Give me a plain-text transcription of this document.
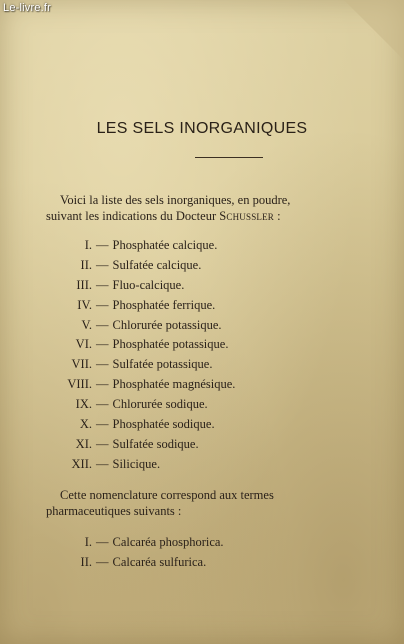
Le-livre.fr
LES SELS INORGANIQUES
Voici la liste des sels inorganiques, en poudre,
suivant les indications du Docteur Schussler :
I. — Phosphatée calcique.
II. — Sulfatée calcique.
III. — Fluo-calcique.
IV. — Phosphatée ferrique.
V. — Chlorurée potassique.
VI. — Phosphatée potassique.
VII. — Sulfatée potassique.
VIII. — Phosphatée magnésique.
IX. — Chlorurée sodique.
X. — Phosphatée sodique.
XI. — Sulfatée sodique.
XII. — Silicique.
Cette nomenclature correspond aux termes
pharmaceutiques suivants :
I. — Calcaréa phosphorica.
II. — Calcaréa sulfurica.
